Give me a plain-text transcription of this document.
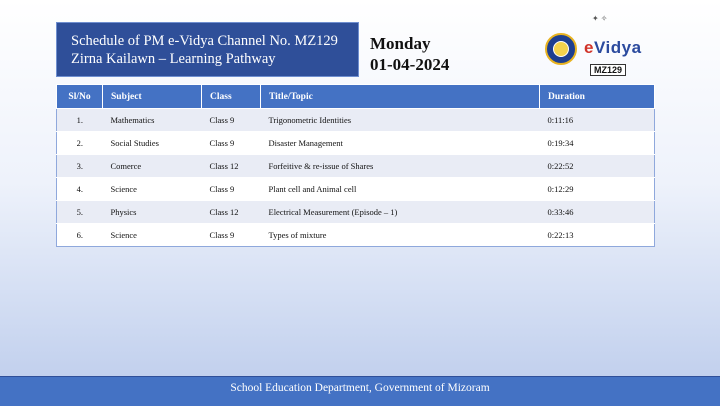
Schedule of PM e-Vidya Channel No. MZ129
Zirna Kailawn – Learning Pathway
Monday
01-04-2024
✦ ✧
eVidya
MZ129
Sl/No	Subject	Class	Title/Topic	Duration
1.	Mathematics	Class 9	Trigonometric Identities	0:11:16
2.	Social Studies	Class 9	Disaster Management	0:19:34
3.	Comerce	Class 12	Forfeitive & re-issue of Shares	0:22:52
4.	Science	Class 9	Plant cell and Animal cell	0:12:29
5.	Physics	Class 12	Electrical Measurement (Episode – 1)	0:33:46
6.	Science	Class 9	Types of mixture	0:22:13
School Education Department, Government of Mizoram
